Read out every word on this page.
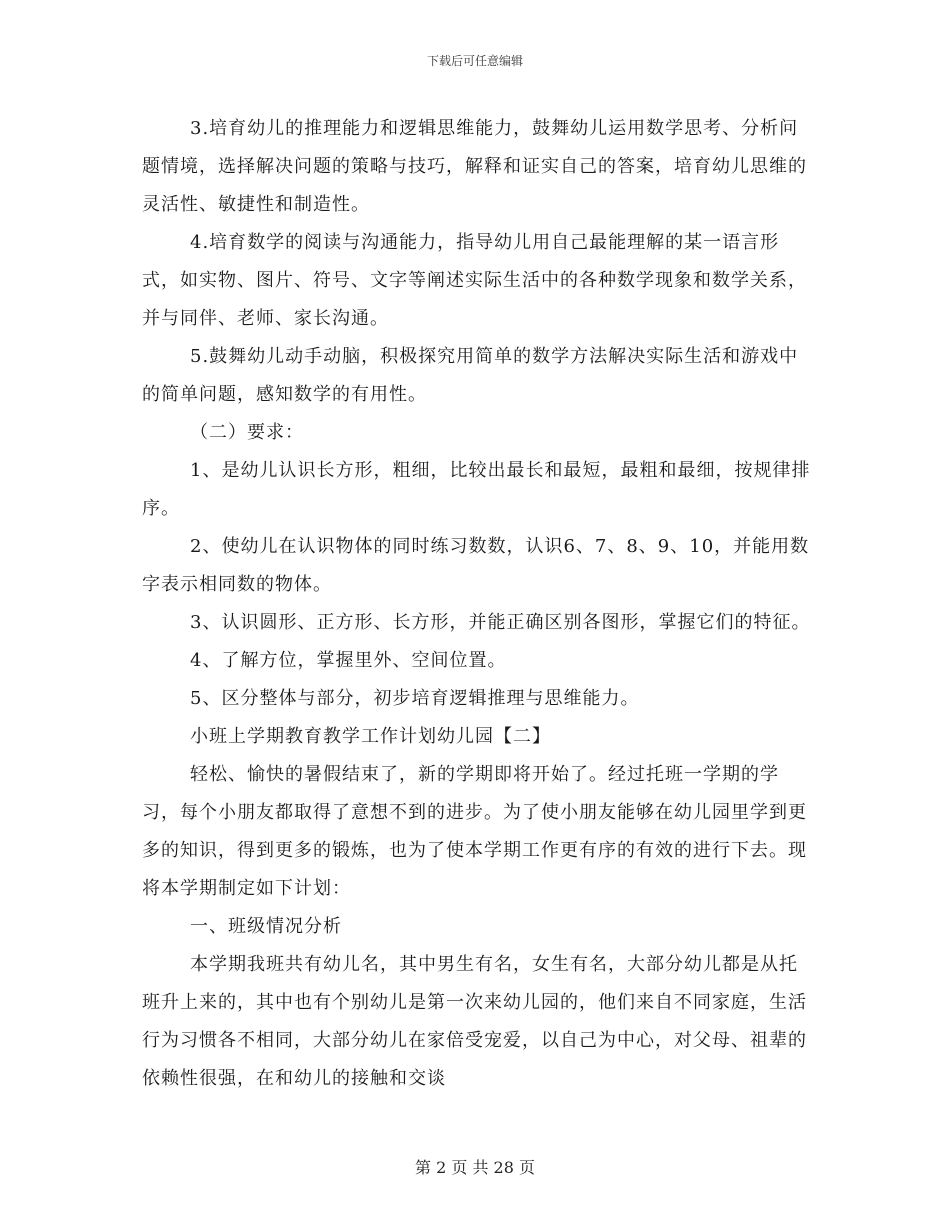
下载后可任意编辑

3.培育幼儿的推理能力和逻辑思维能力，鼓舞幼儿运用数学思考、分析问题情境，选择解决问题的策略与技巧，解释和证实自己的答案，培育幼儿思维的灵活性、敏捷性和制造性。

4.培育数学的阅读与沟通能力，指导幼儿用自己最能理解的某一语言形式，如实物、图片、符号、文字等阐述实际生活中的各种数学现象和数学关系，并与同伴、老师、家长沟通。

5.鼓舞幼儿动手动脑，积极探究用简单的数学方法解决实际生活和游戏中的简单问题，感知数学的有用性。

（二）要求：

1、是幼儿认识长方形，粗细，比较出最长和最短，最粗和最细，按规律排序。

2、使幼儿在认识物体的同时练习数数，认识6、7、8、9、10，并能用数字表示相同数的物体。

3、认识圆形、正方形、长方形，并能正确区别各图形，掌握它们的特征。

4、了解方位，掌握里外、空间位置。

5、区分整体与部分，初步培育逻辑推理与思维能力。

小班上学期教育教学工作计划幼儿园【二】

轻松、愉快的暑假结束了，新的学期即将开始了。经过托班一学期的学习，每个小朋友都取得了意想不到的进步。为了使小朋友能够在幼儿园里学到更多的知识，得到更多的锻炼，也为了使本学期工作更有序的有效的进行下去。现将本学期制定如下计划：

一、班级情况分析

本学期我班共有幼儿名，其中男生有名，女生有名，大部分幼儿都是从托班升上来的，其中也有个别幼儿是第一次来幼儿园的，他们来自不同家庭，生活行为习惯各不相同，大部分幼儿在家倍受宠爱，以自己为中心，对父母、祖辈的依赖性很强，在和幼儿的接触和交谈

第 2 页 共 28 页
